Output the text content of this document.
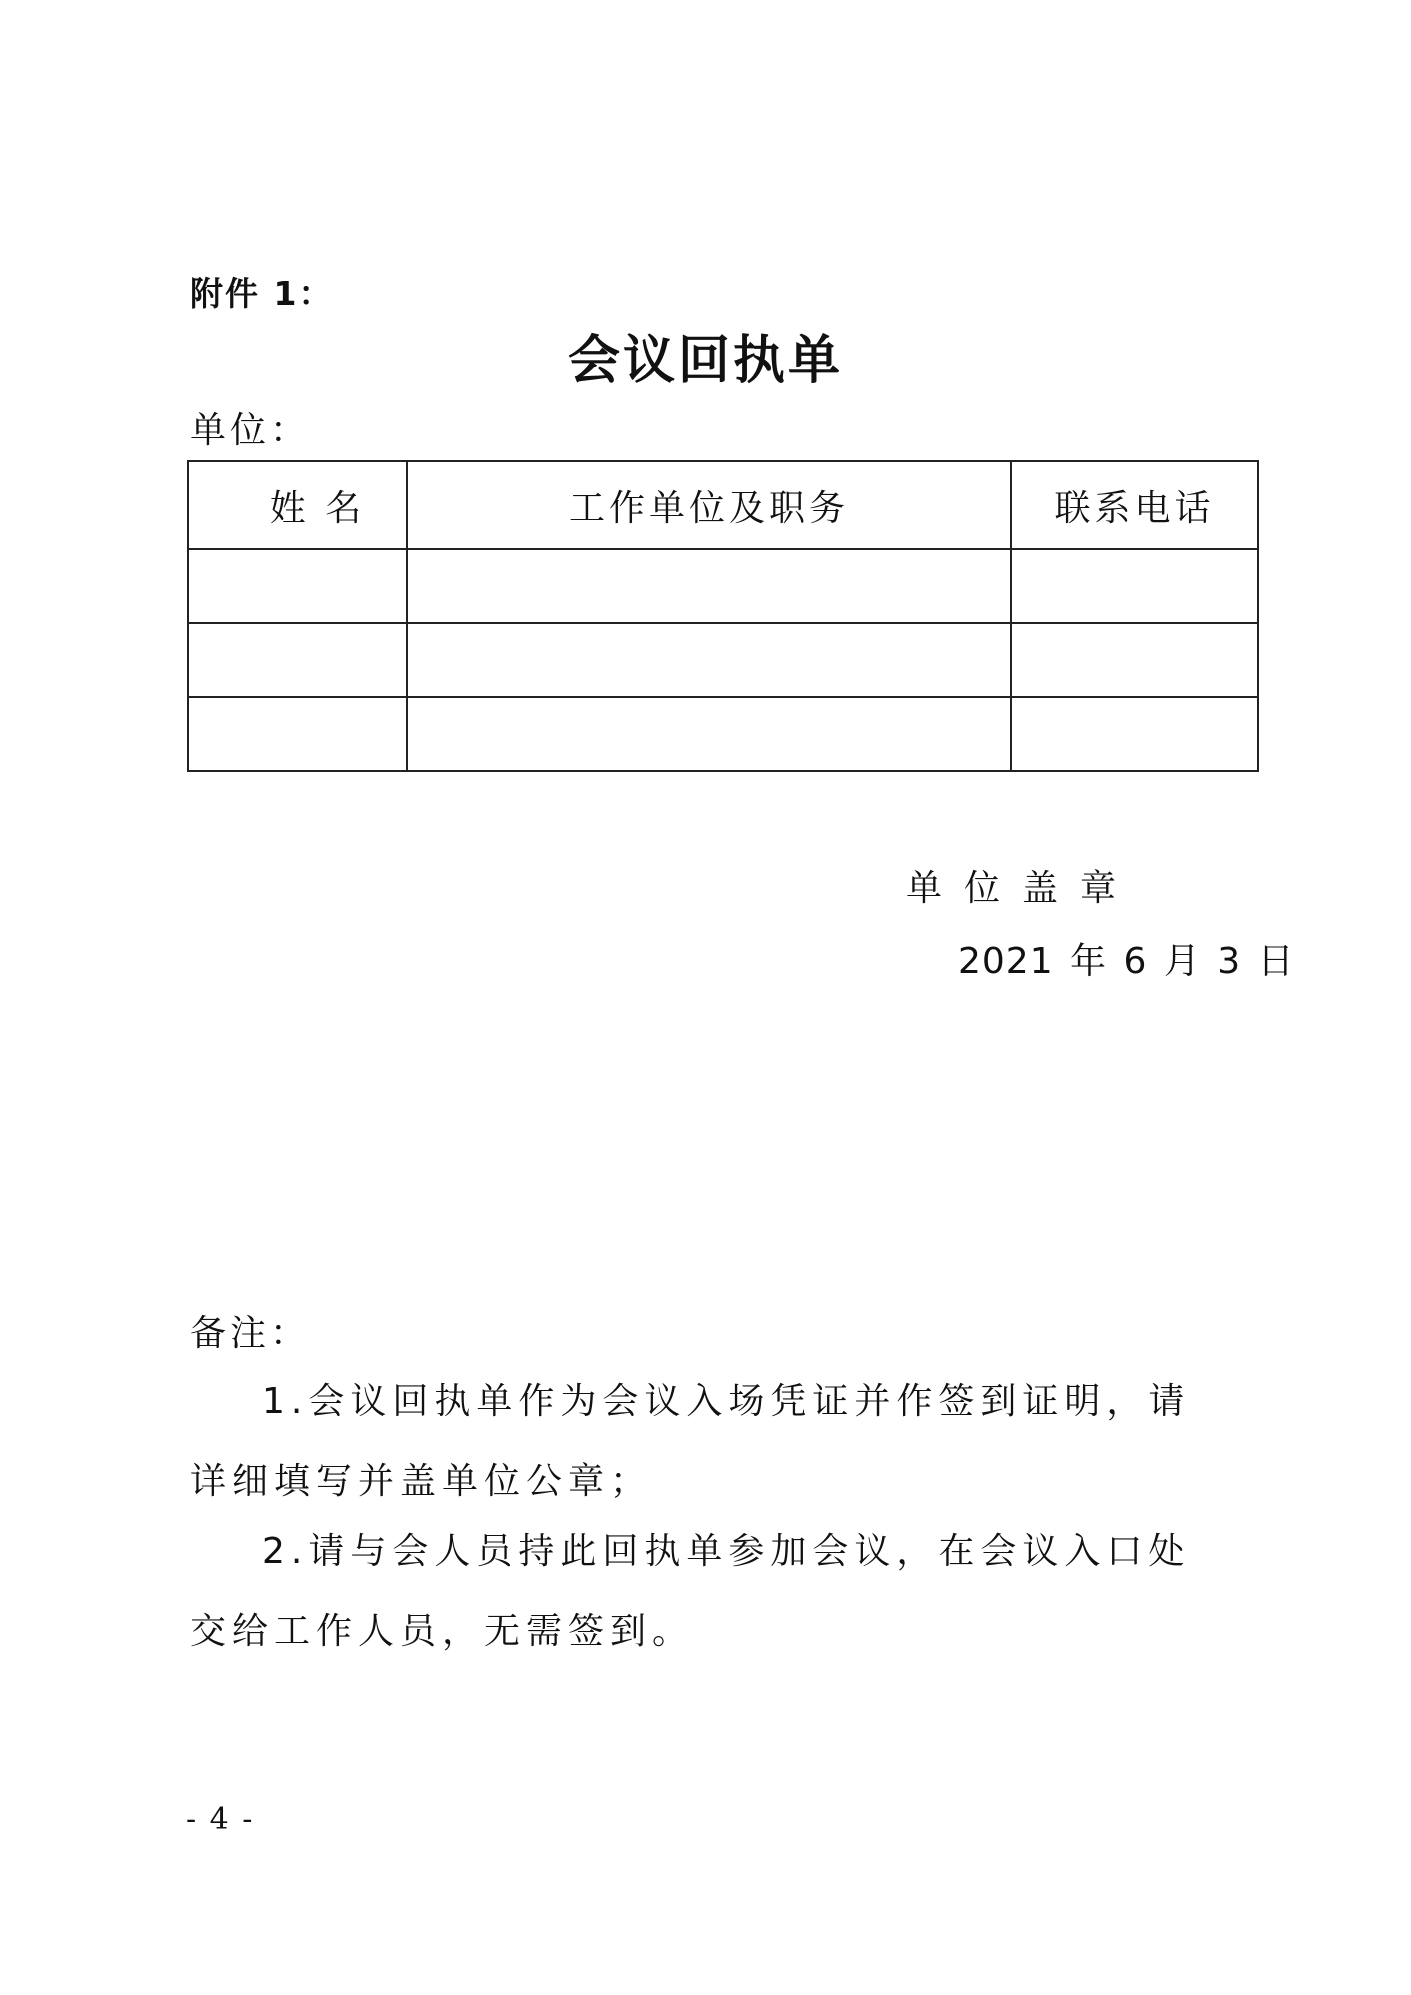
附件 1：
会议回执单
单位：
姓 名	工作单位及职务	联系电话

单位盖章
2021 年 6 月 3 日
备注：
1.会议回执单作为会议入场凭证并作签到证明，请详细填写并盖单位公章；
2.请与会人员持此回执单参加会议，在会议入口处交给工作人员，无需签到。
- 4 -
